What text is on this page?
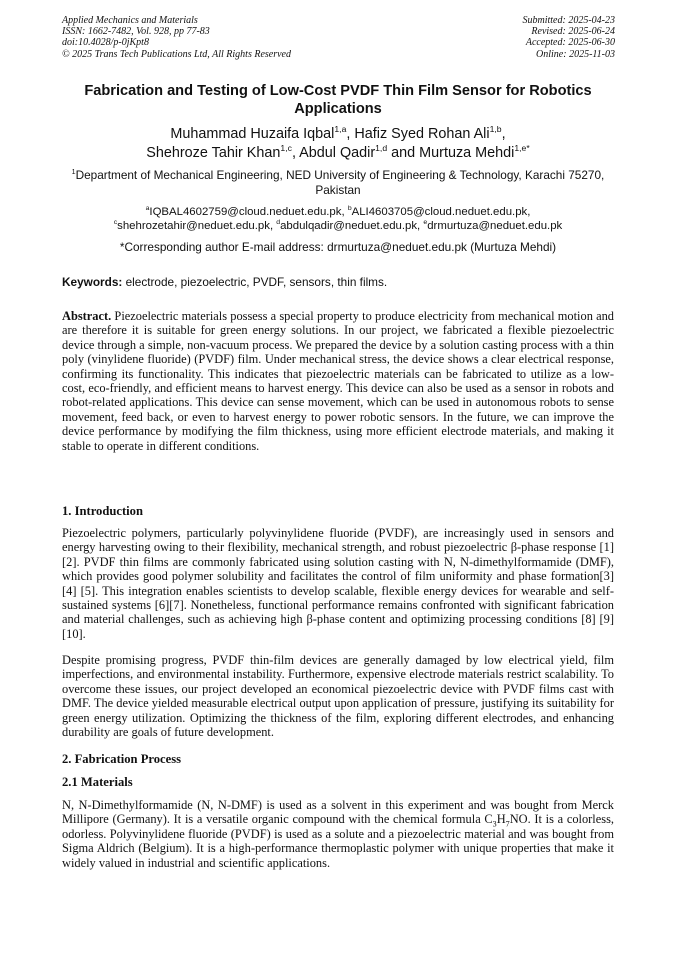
Applied Mechanics and Materials
ISSN: 1662-7482, Vol. 928, pp 77-83
doi:10.4028/p-0jKpt8
© 2025 Trans Tech Publications Ltd, All Rights Reserved
Submitted: 2025-04-23
Revised: 2025-06-24
Accepted: 2025-06-30
Online: 2025-11-03
Fabrication and Testing of Low-Cost PVDF Thin Film Sensor for Robotics Applications
Muhammad Huzaifa Iqbal$^{1,a}$, Hafiz Syed Rohan Ali$^{1,b}$,
Shehroze Tahir Khan$^{1,c}$, Abdul Qadir$^{1,d}$ and Murtuza Mehdi$^{1,e*}$
$^1$Department of Mechanical Engineering, NED University of Engineering & Technology, Karachi 75270, Pakistan
$^a$IQBAL4602759@cloud.neduet.edu.pk, $^b$ALI4603705@cloud.neduet.edu.pk,
$^c$shehrozetahir@neduet.edu.pk, $^d$abdulqadir@neduet.edu.pk, $^e$drmurtuza@neduet.edu.pk
*Corresponding author E-mail address: drmurtuza@neduet.edu.pk (Murtuza Mehdi)
Keywords: electrode, piezoelectric, PVDF, sensors, thin films.
Abstract. Piezoelectric materials possess a special property to produce electricity from mechanical motion and are therefore it is suitable for green energy solutions. In our project, we fabricated a flexible piezoelectric device through a simple, non-vacuum process. We prepared the device by a solution casting process with a thin poly (vinylidene fluoride) (PVDF) film. Under mechanical stress, the device shows a clear electrical response, confirming its functionality. This indicates that piezoelectric materials can be fabricated to utilize as a low-cost, eco-friendly, and efficient means to harvest energy. This device can also be used as a sensor in robots and robot-related applications. This device can sense movement, which can be used in autonomous robots to sense movement, feed back, or even to harvest energy to power robotic sensors. In the future, we can improve the device performance by modifying the film thickness, using more efficient electrode materials, and making it stable to operate in different conditions.
1. Introduction
Piezoelectric polymers, particularly polyvinylidene fluoride (PVDF), are increasingly used in sensors and energy harvesting owing to their flexibility, mechanical strength, and robust piezoelectric β-phase response [1] [2]. PVDF thin films are commonly fabricated using solution casting with N, N-dimethylformamide (DMF), which provides good polymer solubility and facilitates the control of film uniformity and phase formation[3][4] [5]. This integration enables scientists to develop scalable, flexible energy devices for wearable and self-sustained systems [6][7]. Nonetheless, functional performance remains confronted with significant fabrication and material challenges, such as achieving high β-phase content and optimizing processing conditions [8] [9][10].
Despite promising progress, PVDF thin-film devices are generally damaged by low electrical yield, film imperfections, and environmental instability. Furthermore, expensive electrode materials restrict scalability. To overcome these issues, our project developed an economical piezoelectric device with PVDF films cast with DMF. The device yielded measurable electrical output upon application of pressure, justifying its suitability for green energy utilization. Optimizing the thickness of the film, exploring different electrodes, and enhancing durability are goals of future development.
2. Fabrication Process
2.1 Materials
N, N-Dimethylformamide (N, N-DMF) is used as a solvent in this experiment and was bought from Merck Millipore (Germany). It is a versatile organic compound with the chemical formula $C_3H_7NO$. It is a colorless, odorless. Polyvinylidene fluoride (PVDF) is used as a solute and a piezoelectric material and was bought from Sigma Aldrich (Belgium). It is a high-performance thermoplastic polymer with unique properties that make it widely valued in industrial and scientific applications.
